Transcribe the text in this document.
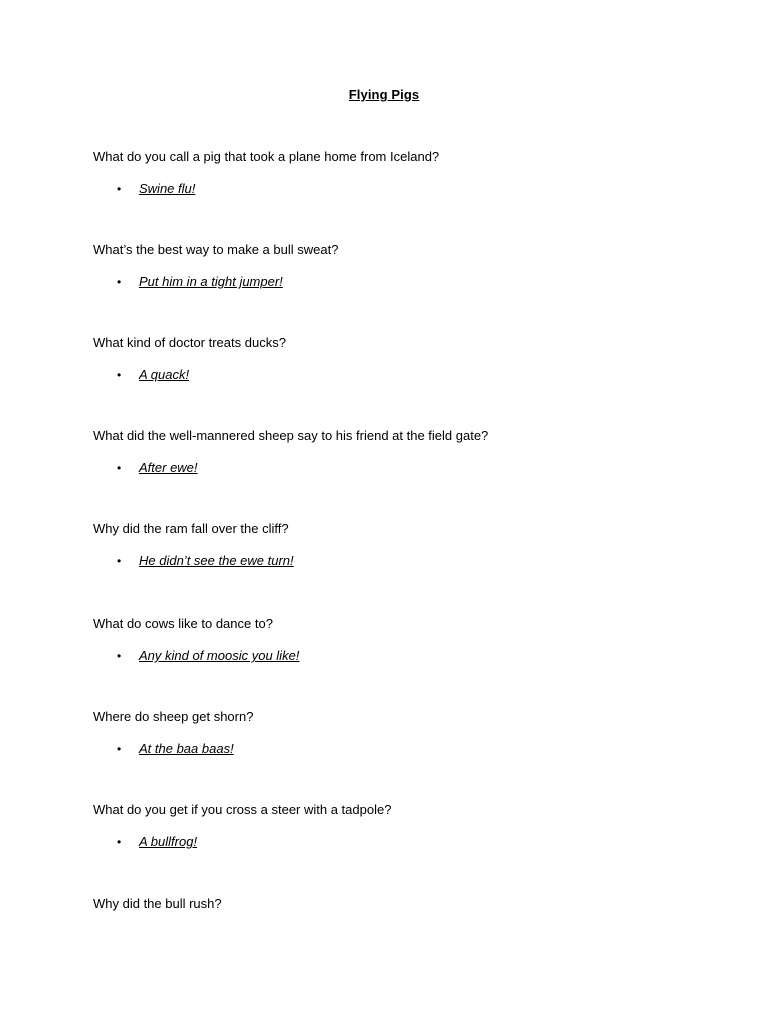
Flying Pigs
What do you call a pig that took a plane home from Iceland?
• Swine flu!
What’s the best way to make a bull sweat?
• Put him in a tight jumper!
What kind of doctor treats ducks?
• A quack!
What did the well-mannered sheep say to his friend at the field gate?
• After ewe!
Why did the ram fall over the cliff?
• He didn’t see the ewe turn!
What do cows like to dance to?
• Any kind of moosic you like!
Where do sheep get shorn?
• At the baa baas!
What do you get if you cross a steer with a tadpole?
• A bullfrog!
Why did the bull rush?
